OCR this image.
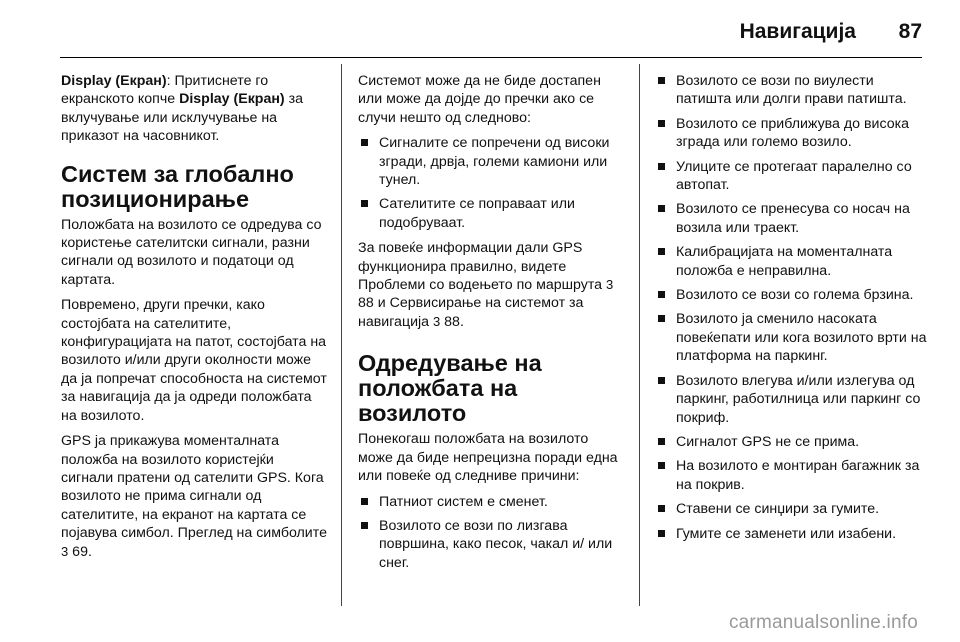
Навигација 87

Display (Екран): Притиснете го екранското копче Display (Екран) за вклучување или исклучување на приказот на часовникот.

Систем за глобално позиционирање

Положбата на возилото се одредува со користење сателитски сигнали, разни сигнали од возилото и податоци од картата.

Повремено, други пречки, како состојбата на сателитите, конфигурацијата на патот, состојбата на возилото и/или други околности може да ја попречат способноста на системот за навигација да ја одреди положбата на возилото.

GPS ја прикажува моменталната положба на возилото користејќи сигнали пратени од сателити GPS. Кога возилото не прима сигнали од сателитите, на екранот на картата се појавува симбол. Преглед на симболите 3 69.

Системот може да не биде достапен или може да дојде до пречки ако се случи нешто од следново:

Сигналите се попречени од високи згради, дрвја, големи камиони или тунел.
Сателитите се поправаат или подобруваат.

За повеќе информации дали GPS функционира правилно, видете Проблеми со водењето по маршрута 3 88 и Сервисирање на системот за навигација 3 88.

Одредување на положбата на возилото

Понекогаш положбата на возилото може да биде непрецизна поради една или повеќе од следниве причини:

Патниот систем е сменет.
Возилото се вози по лизгава површина, како песок, чакал и/ или снег.
Возилото се вози по виулести патишта или долги прави патишта.
Возилото се приближува до висока зграда или големо возило.
Улиците се протегаат паралелно со автопат.
Возилото се пренесува со носач на возила или траект.
Калибрацијата на моменталната положба е неправилна.
Возилото се вози со голема брзина.
Возилото ја сменило насоката повеќепати или кога возилото врти на платформа на паркинг.
Возилото влегува и/или излегува од паркинг, работилница или паркинг со покриф.
Сигналот GPS не се прима.
На возилото е монтиран багажник за на покрив.
Ставени се синџири за гумите.
Гумите се заменети или изабени.
carmanualsonline.info
